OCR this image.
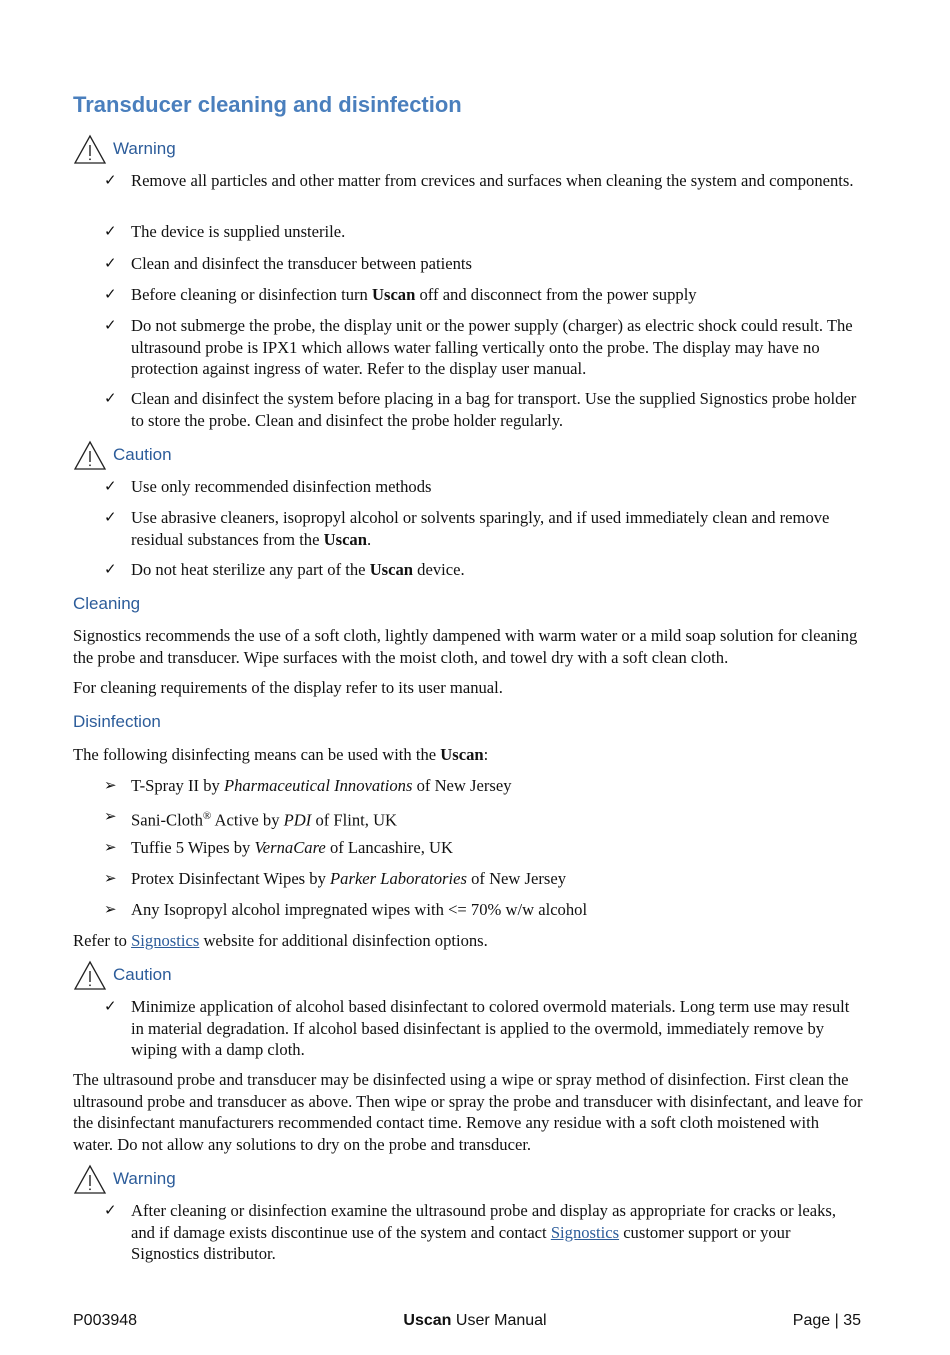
Transducer cleaning and disinfection
Warning
✓ Remove all particles and other matter from crevices and surfaces when cleaning the system and components.
✓ The device is supplied unsterile.
✓ Clean and disinfect the transducer between patients
✓ Before cleaning or disinfection turn Uscan off and disconnect from the power supply
✓ Do not submerge the probe, the display unit or the power supply (charger) as electric shock could result. The ultrasound probe is IPX1 which allows water falling vertically onto the probe. The display may have no protection against ingress of water. Refer to the display user manual.
✓ Clean and disinfect the system before placing in a bag for transport. Use the supplied Signostics probe holder to store the probe. Clean and disinfect the probe holder regularly.
Caution
✓ Use only recommended disinfection methods
✓ Use abrasive cleaners, isopropyl alcohol or solvents sparingly, and if used immediately clean and remove residual substances from the Uscan.
✓ Do not heat sterilize any part of the Uscan device.
Cleaning
Signostics recommends the use of a soft cloth, lightly dampened with warm water or a mild soap solution for cleaning the probe and transducer. Wipe surfaces with the moist cloth, and towel dry with a soft clean cloth.
For cleaning requirements of the display refer to its user manual.
Disinfection
The following disinfecting means can be used with the Uscan:
➢ T-Spray II by Pharmaceutical Innovations of New Jersey
➢ Sani-Cloth® Active by PDI of Flint, UK
➢ Tuffie 5 Wipes by VernaCare of Lancashire, UK
➢ Protex Disinfectant Wipes by Parker Laboratories of New Jersey
➢ Any Isopropyl alcohol impregnated wipes with <= 70% w/w alcohol
Refer to Signostics website for additional disinfection options.
Caution
✓ Minimize application of alcohol based disinfectant to colored overmold materials. Long term use may result in material degradation. If alcohol based disinfectant is applied to the overmold, immediately remove by wiping with a damp cloth.
The ultrasound probe and transducer may be disinfected using a wipe or spray method of disinfection. First clean the ultrasound probe and transducer as above. Then wipe or spray the probe and transducer with disinfectant, and leave for the disinfectant manufacturers recommended contact time. Remove any residue with a soft cloth moistened with water. Do not allow any solutions to dry on the probe and transducer.
Warning
✓ After cleaning or disinfection examine the ultrasound probe and display as appropriate for cracks or leaks, and if damage exists discontinue use of the system and contact Signostics customer support or your Signostics distributor.
P003948	Uscan User Manual	Page | 35
